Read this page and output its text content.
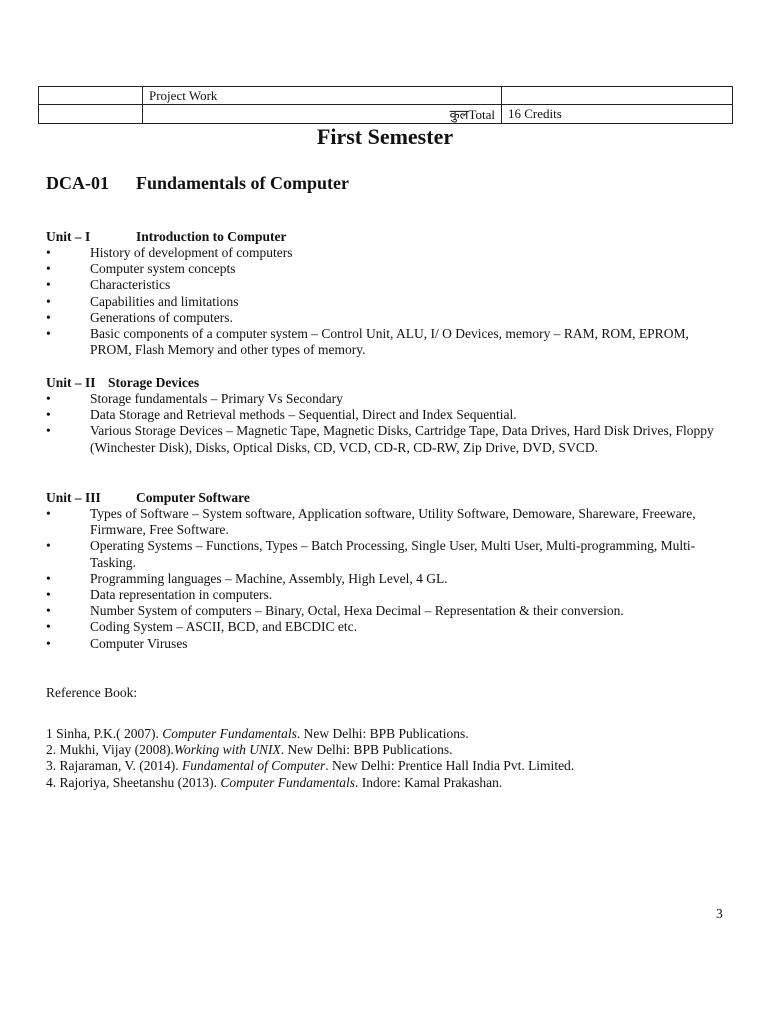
	Project Work	
	कुलTotal	16 Credits
First Semester
DCA-01 Fundamentals of Computer
Unit – I	Introduction to Computer
•	History of development of computers
•	Computer system concepts
•	Characteristics
•	Capabilities and limitations
•	Generations of computers.
•	Basic components of a computer system – Control Unit, ALU, I/ O Devices, memory – RAM, ROM, EPROM, PROM, Flash Memory and other types of memory.
Unit – II Storage Devices
•	Storage fundamentals – Primary Vs Secondary
•	Data Storage and Retrieval methods – Sequential, Direct and Index Sequential.
•	Various Storage Devices – Magnetic Tape, Magnetic Disks, Cartridge Tape, Data Drives, Hard Disk Drives, Floppy (Winchester Disk), Disks, Optical Disks, CD, VCD, CD-R, CD-RW, Zip Drive, DVD, SVCD.
Unit – III	Computer Software
•	Types of Software – System software, Application software, Utility Software, Demoware, Shareware, Freeware, Firmware, Free Software.
•	Operating Systems – Functions, Types – Batch Processing, Single User, Multi User, Multi-programming, Multi-Tasking.
•	Programming languages – Machine, Assembly, High Level, 4 GL.
•	Data representation in computers.
•	Number System of computers – Binary, Octal, Hexa Decimal – Representation & their conversion.
•	Coding System – ASCII, BCD, and EBCDIC etc.
•	Computer Viruses
Reference Book:
1 Sinha, P.K.( 2007). Computer Fundamentals. New Delhi: BPB Publications.
2. Mukhi, Vijay (2008).Working with UNIX. New Delhi: BPB Publications.
3. Rajaraman, V. (2014). Fundamental of Computer. New Delhi: Prentice Hall India Pvt. Limited.
4. Rajoriya, Sheetanshu (2013). Computer Fundamentals. Indore: Kamal Prakashan.
3
